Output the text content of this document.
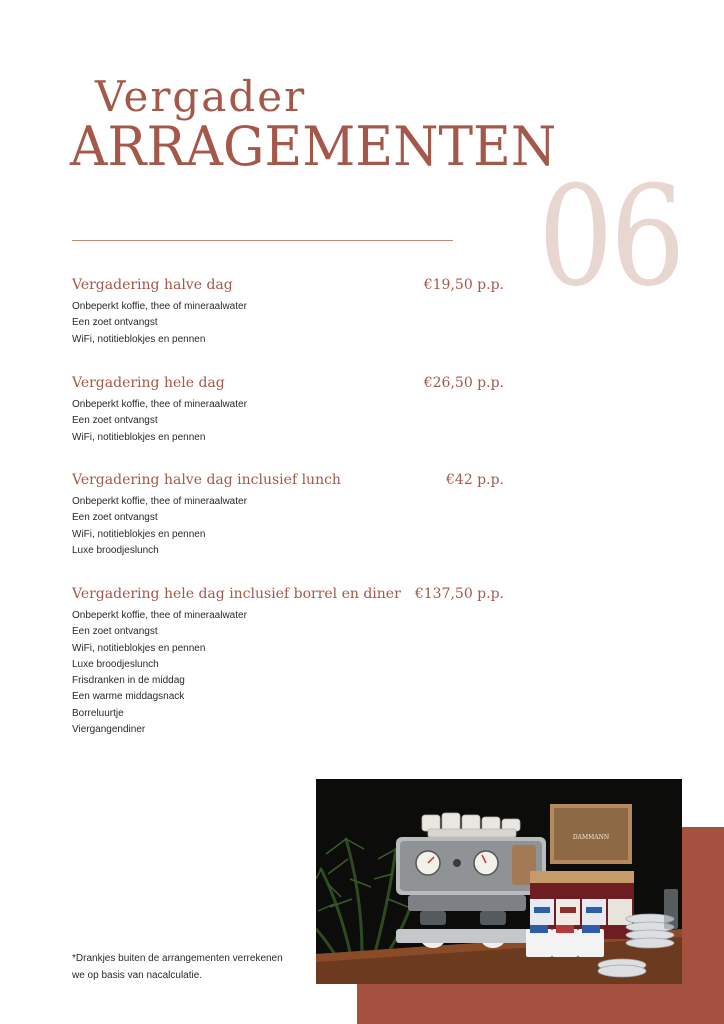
Vergader
ARRAGEMENTEN
06
Vergadering halve dag	€19,50 p.p.
Onbeperkt koffie, thee of mineraalwater
Een zoet ontvangst
WiFi, notitieblokjes en pennen
Vergadering hele dag	€26,50 p.p.
Onbeperkt koffie, thee of mineraalwater
Een zoet ontvangst
WiFi, notitieblokjes en pennen
Vergadering halve dag inclusief lunch	€42 p.p.
Onbeperkt koffie, thee of mineraalwater
Een zoet ontvangst
WiFi, notitieblokjes en pennen
Luxe broodjeslunch
Vergadering hele dag inclusief borrel en diner €137,50 p.p.
Onbeperkt koffie, thee of mineraalwater
Een zoet ontvangst
WiFi, notitieblokjes en pennen
Luxe broodjeslunch
Frisdranken in de middag
Een warme middagsnack
Borreluurtje
Viergangendiner
*Drankjes buiten de arrangementen verrekenen
we op basis van nacalculatie.
DAMMANN
